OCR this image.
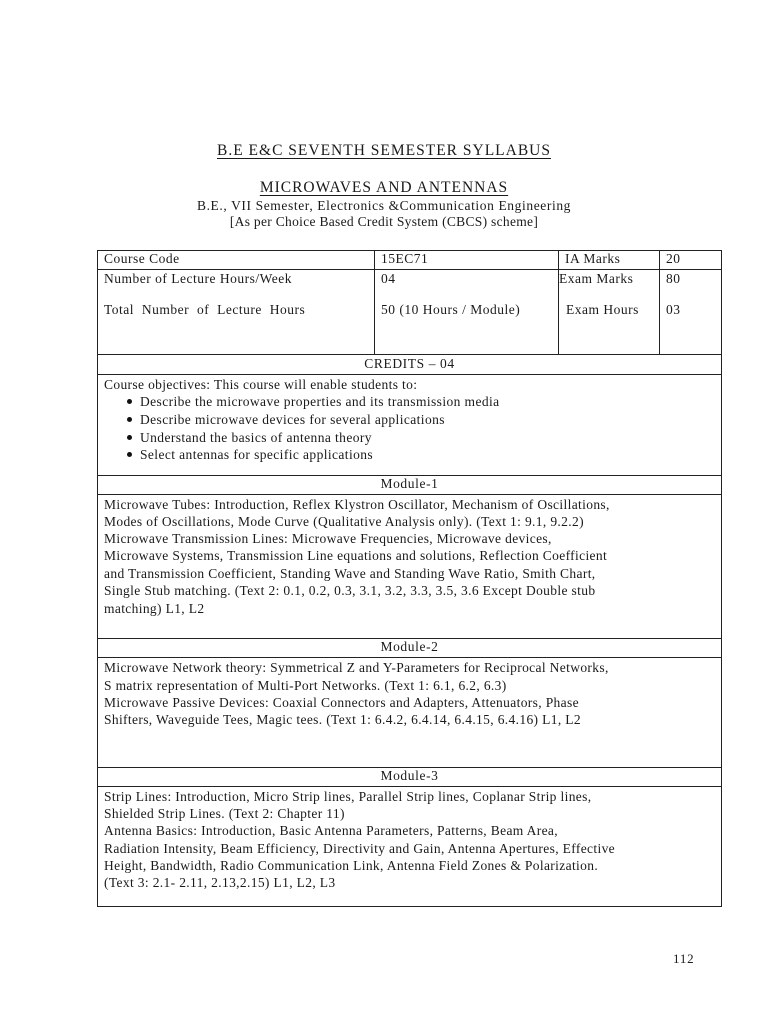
B.E E&C SEVENTH SEMESTER SYLLABUS
MICROWAVES AND ANTENNAS
B.E., VII Semester, Electronics &Communication Engineering
[As per Choice Based Credit System (CBCS) scheme]
Course Code	15EC71	IA Marks	20
Number of Lecture Hours/Week	04	Exam Marks 80
Total Number of Lecture Hours	50 (10 Hours / Module)	Exam Hours 03
CREDITS – 04
Course objectives: This course will enable students to:
Describe the microwave properties and its transmission media
Describe microwave devices for several applications
Understand the basics of antenna theory
Select antennas for specific applications
Module-1
Microwave Tubes: Introduction, Reflex Klystron Oscillator, Mechanism of Oscillations,
Modes of Oscillations, Mode Curve (Qualitative Analysis only). (Text 1: 9.1, 9.2.2)
Microwave Transmission Lines: Microwave Frequencies, Microwave devices,
Microwave Systems, Transmission Line equations and solutions, Reflection Coefficient
and Transmission Coefficient, Standing Wave and Standing Wave Ratio, Smith Chart,
Single Stub matching. (Text 2: 0.1, 0.2, 0.3, 3.1, 3.2, 3.3, 3.5, 3.6 Except Double stub
matching) L1, L2
Module-2
Microwave Network theory: Symmetrical Z and Y-Parameters for Reciprocal Networks,
S matrix representation of Multi-Port Networks. (Text 1: 6.1, 6.2, 6.3)
Microwave Passive Devices: Coaxial Connectors and Adapters, Attenuators, Phase
Shifters, Waveguide Tees, Magic tees. (Text 1: 6.4.2, 6.4.14, 6.4.15, 6.4.16) L1, L2
Module-3
Strip Lines: Introduction, Micro Strip lines, Parallel Strip lines, Coplanar Strip lines,
Shielded Strip Lines. (Text 2: Chapter 11)
Antenna Basics: Introduction, Basic Antenna Parameters, Patterns, Beam Area,
Radiation Intensity, Beam Efficiency, Directivity and Gain, Antenna Apertures, Effective
Height, Bandwidth, Radio Communication Link, Antenna Field Zones & Polarization.
(Text 3: 2.1- 2.11, 2.13,2.15) L1, L2, L3
112
